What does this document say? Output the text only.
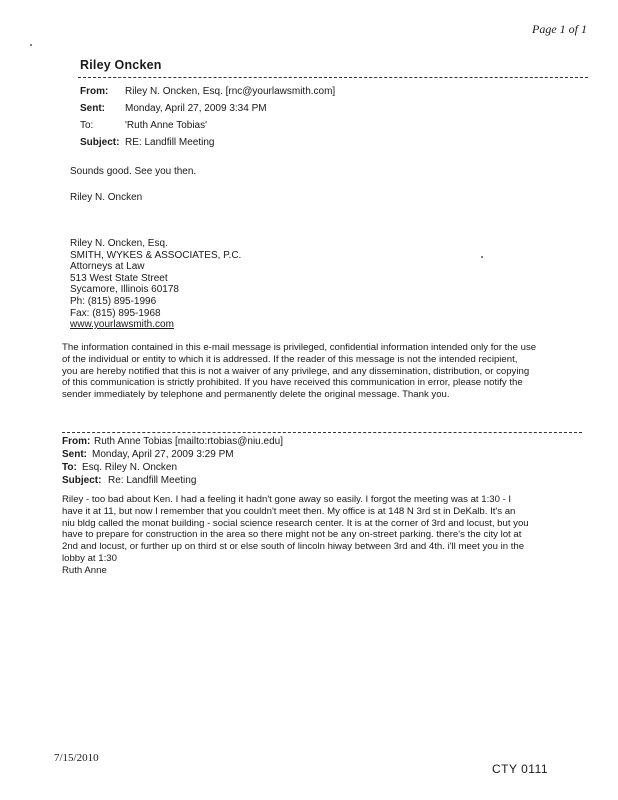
Page 1 of 1
Riley Oncken
From: Riley N. Oncken, Esq. [rnc@yourlawsmith.com]
Sent: Monday, April 27, 2009 3:34 PM
To:	'Ruth Anne Tobias'
Subject: RE: Landfill Meeting
Sounds good. See you then.
Riley N. Oncken
Riley N. Oncken, Esq.
SMITH, WYKES & ASSOCIATES, P.C.
Attorneys at Law
513 West State Street
Sycamore, Illinois 60178
Ph: (815) 895-1996
Fax: (815) 895-1968
www.yourlawsmith.com
The information contained in this e-mail message is privileged, confidential information intended only for the use
of the individual or entity to which it is addressed. If the reader of this message is not the intended recipient,
you are hereby notified that this is not a waiver of any privilege, and any dissemination, distribution, or copying
of this communication is strictly prohibited. If you have received this communication in error, please notify the
sender immediately by telephone and permanently delete the original message. Thank you.
From: Ruth Anne Tobias [mailto:rtobias@niu.edu]
Sent: Monday, April 27, 2009 3:29 PM
To: Esq. Riley N. Oncken
Subject: Re: Landfill Meeting
Riley - too bad about Ken. I had a feeling it hadn't gone away so easily. I forgot the meeting was at 1:30 - I
have it at 11, but now I remember that you couldn't meet then. My office is at 148 N 3rd st in DeKalb. It's an
niu bldg called the monat building - social science research center. It is at the corner of 3rd and locust, but you
have to prepare for construction in the area so there might not be any on-street parking. there's the city lot at
2nd and locust, or further up on third st or else south of lincoln hiway between 3rd and 4th. i'll meet you in the
lobby at 1:30
Ruth Anne
7/15/2010
CTY 0111
